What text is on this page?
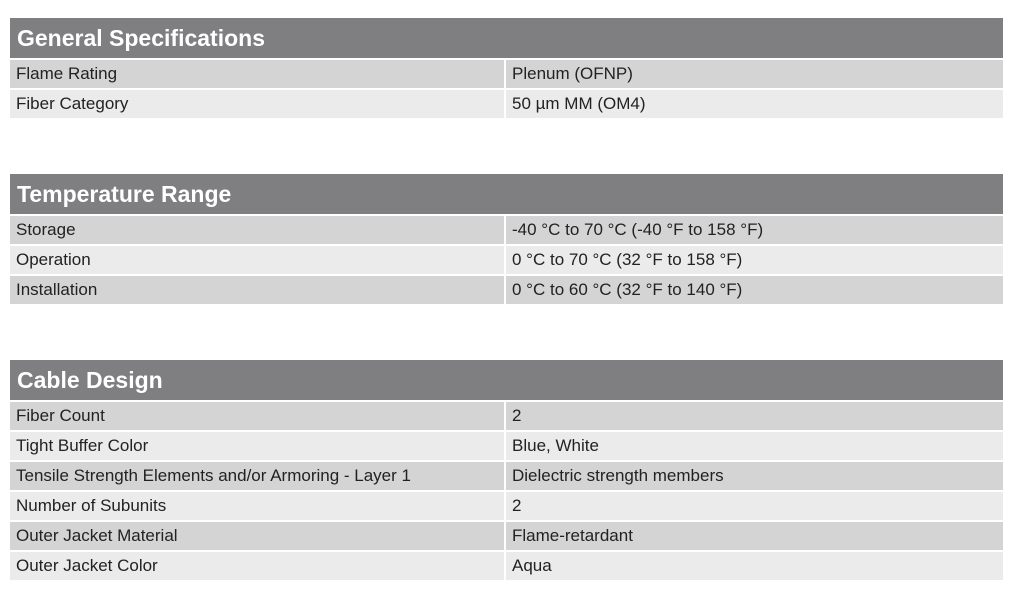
General Specifications
Flame Rating	Plenum (OFNP)
Fiber Category	50 µm MM (OM4)
Temperature Range
Storage	-40 °C to 70 °C (-40 °F to 158 °F)
Operation	0 °C to 70 °C (32 °F to 158 °F)
Installation	0 °C to 60 °C (32 °F to 140 °F)
Cable Design
Fiber Count	2
Tight Buffer Color	Blue, White
Tensile Strength Elements and/or Armoring - Layer 1	Dielectric strength members
Number of Subunits	2
Outer Jacket Material	Flame-retardant
Outer Jacket Color	Aqua
